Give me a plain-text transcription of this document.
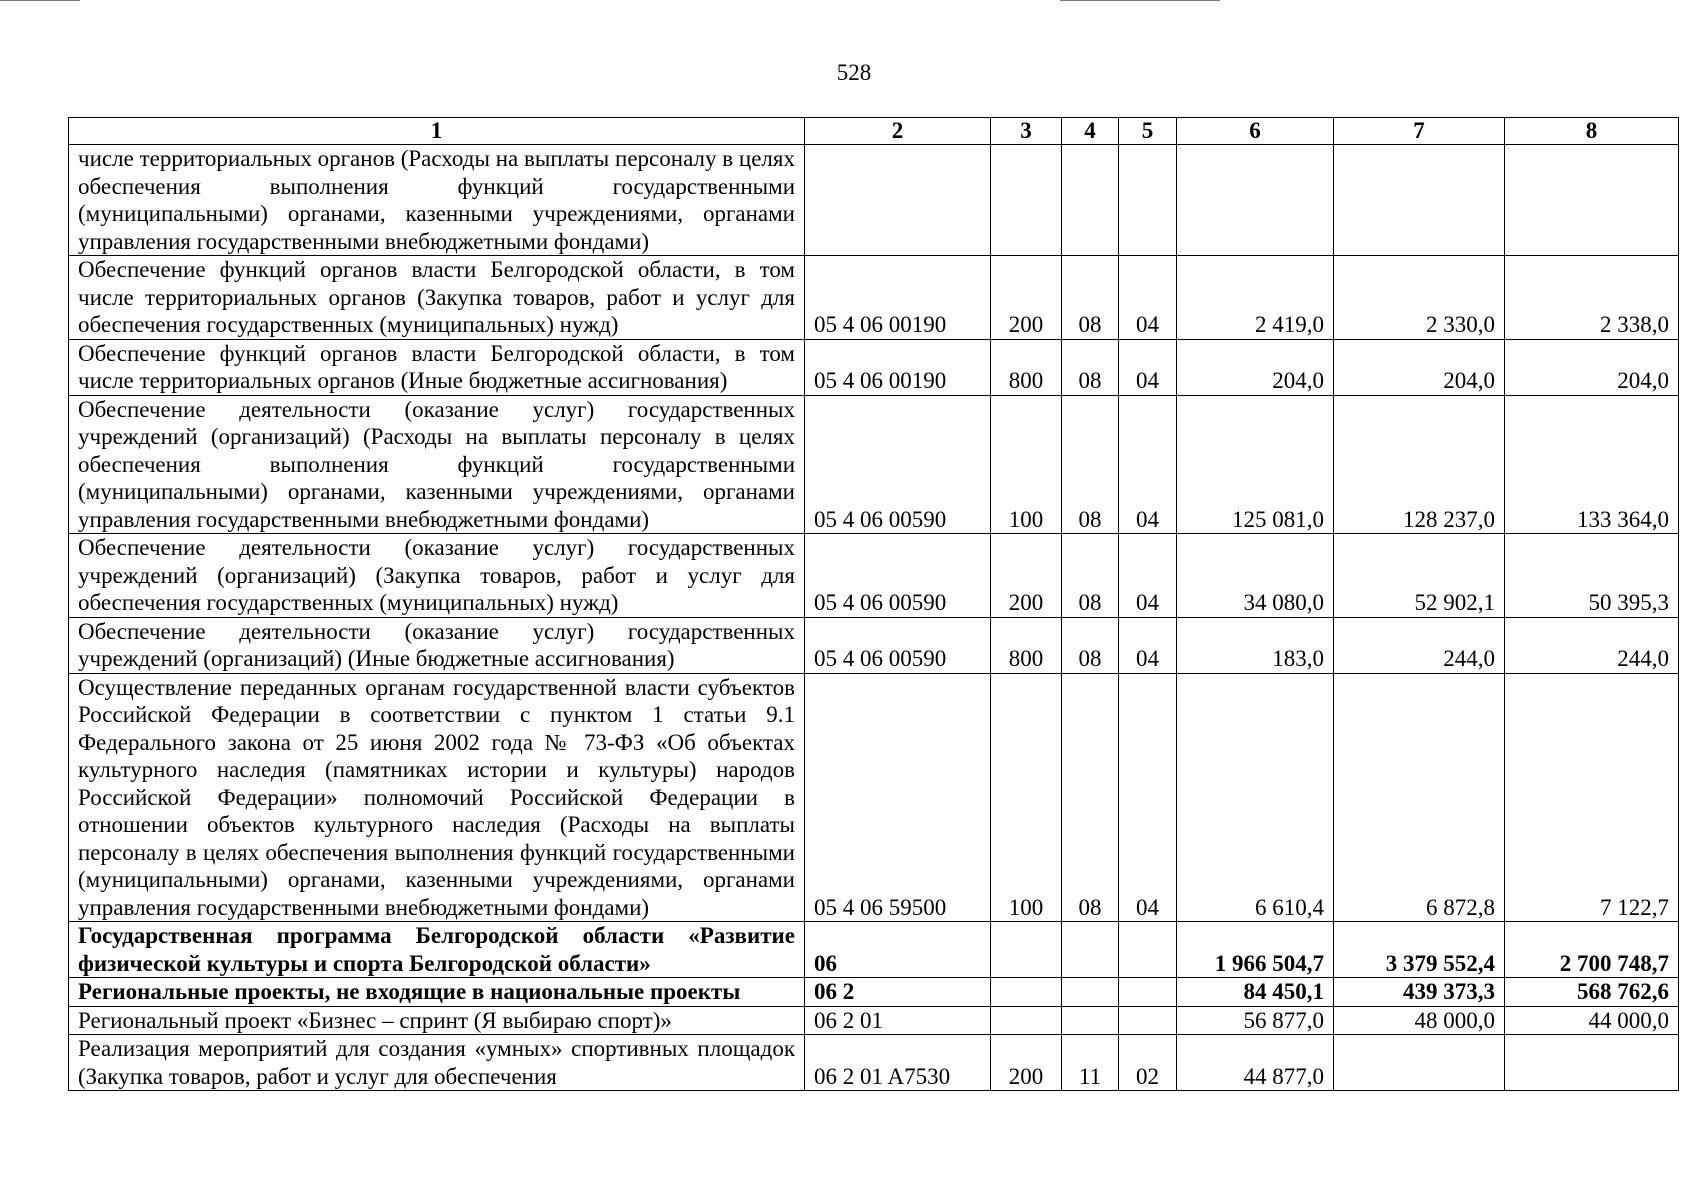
528
1	2	3	4	5	6	7	8
числе территориальных органов (Расходы на выплаты персоналу в целях обеспечения выполнения функций государственными (муниципальными) органами, казенными учреждениями, органами управления государственными внебюджетными фондами)							
Обеспечение функций органов власти Белгородской области, в том числе территориальных органов (Закупка товаров, работ и услуг для обеспечения государственных (муниципальных) нужд)	05 4 06 00190	200	08	04	2 419,0	2 330,0	2 338,0
Обеспечение функций органов власти Белгородской области, в том числе территориальных органов (Иные бюджетные ассигнования)	05 4 06 00190	800	08	04	204,0	204,0	204,0
Обеспечение деятельности (оказание услуг) государственных учреждений (организаций) (Расходы на выплаты персоналу в целях обеспечения выполнения функций государственными (муниципальными) органами, казенными учреждениями, органами управления государственными внебюджетными фондами)	05 4 06 00590	100	08	04	125 081,0	128 237,0	133 364,0
Обеспечение деятельности (оказание услуг) государственных учреждений (организаций) (Закупка товаров, работ и услуг для обеспечения государственных (муниципальных) нужд)	05 4 06 00590	200	08	04	34 080,0	52 902,1	50 395,3
Обеспечение деятельности (оказание услуг) государственных учреждений (организаций) (Иные бюджетные ассигнования)	05 4 06 00590	800	08	04	183,0	244,0	244,0
Осуществление переданных органам государственной власти субъектов Российской Федерации в соответствии с пунктом 1 статьи 9.1 Федерального закона от 25 июня 2002 года № 73-ФЗ «Об объектах культурного наследия (памятниках истории и культуры) народов Российской Федерации» полномочий Российской Федерации в отношении объектов культурного наследия (Расходы на выплаты персоналу в целях обеспечения выполнения функций государственными (муниципальными) органами, казенными учреждениями, органами управления государственными внебюджетными фондами)	05 4 06 59500	100	08	04	6 610,4	6 872,8	7 122,7
Государственная программа Белгородской области «Развитие физической культуры и спорта Белгородской области»	06				1 966 504,7	3 379 552,4	2 700 748,7
Региональные проекты, не входящие в национальные проекты	06 2				84 450,1	439 373,3	568 762,6
Региональный проект «Бизнес – спринт (Я выбираю спорт)»	06 2 01				56 877,0	48 000,0	44 000,0
Реализация мероприятий для создания «умных» спортивных площадок (Закупка товаров, работ и услуг для обеспечения	06 2 01 A7530	200	11	02	44 877,0		
